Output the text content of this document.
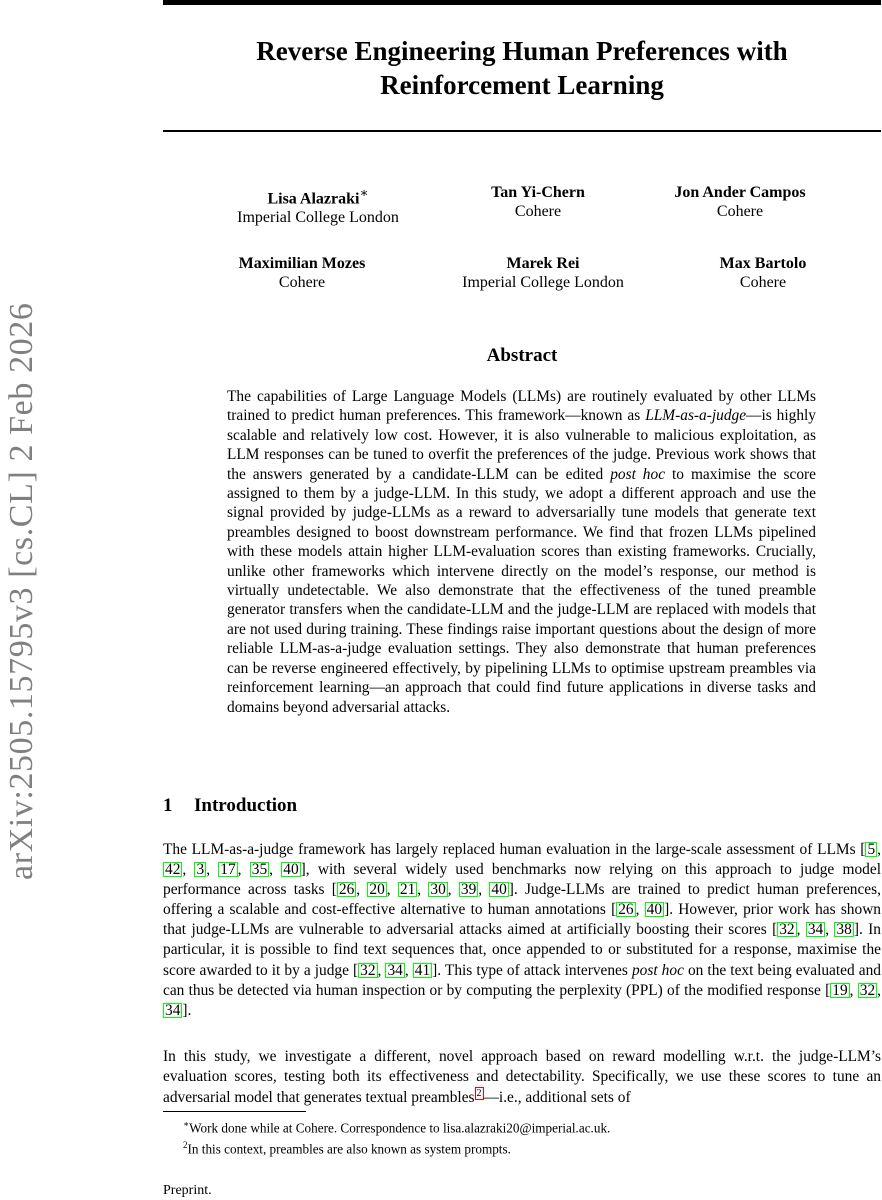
Reverse Engineering Human Preferences with
Reinforcement Learning
arXiv:2505.15795v3 [cs.CL] 2 Feb 2026
Lisa Alazraki∗
Imperial College London
Tan Yi-Chern
Cohere
Jon Ander Campos
Cohere
Maximilian Mozes
Cohere
Marek Rei
Imperial College London
Max Bartolo
Cohere
Abstract

The capabilities of Large Language Models (LLMs) are routinely evaluated by other LLMs trained to predict human preferences. This framework—known as LLM-as-a-judge—is highly scalable and relatively low cost. However, it is also vulnerable to malicious exploitation, as LLM responses can be tuned to overfit the preferences of the judge. Previous work shows that the answers generated by a candidate-LLM can be edited post hoc to maximise the score assigned to them by a judge-LLM. In this study, we adopt a different approach and use the signal provided by judge-LLMs as a reward to adversarially tune models that generate text preambles designed to boost downstream performance. We find that frozen LLMs pipelined with these models attain higher LLM-evaluation scores than existing frameworks. Crucially, unlike other frameworks which intervene directly on the model’s response, our method is virtually undetectable. We also demonstrate that the effectiveness of the tuned preamble generator transfers when the candidate-LLM and the judge-LLM are replaced with models that are not used during training. These findings raise important questions about the design of more reliable LLM-as-a-judge evaluation settings. They also demonstrate that human preferences can be reverse engineered effectively, by pipelining LLMs to optimise upstream preambles via reinforcement learning—an approach that could find future applications in diverse tasks and domains beyond adversarial attacks.

1 Introduction

The LLM-as-a-judge framework has largely replaced human evaluation in the large-scale assessment of LLMs [ 5 , 42 , 3 , 17 , 35 , 40 ], with several widely used benchmarks now relying on this approach to judge model performance across tasks [ 26 , 20 , 21 , 30 , 39 , 40 ]. Judge-LLMs are trained to predict human preferences, offering a scalable and cost-effective alternative to human annotations [ 26 , 40 ]. However, prior work has shown that judge-LLMs are vulnerable to adversarial attacks aimed at artificially boosting their scores [ 32 , 34 , 38 ]. In particular, it is possible to find text sequences that, once appended to or substituted for a response, maximise the score awarded to it by a judge [ 32 , 34 , 41 ]. This type of attack intervenes post hoc on the text being evaluated and can thus be detected via human inspection or by computing the perplexity (PPL) of the modified response [ 19 , 32 , 34 ].

In this study, we investigate a different, novel approach based on reward modelling w.r.t. the judge-LLM’s evaluation scores, testing both its effectiveness and detectability. Specifically, we use these scores to tune an adversarial model that generates textual preambles 2 —i.e., additional sets of

∗Work done while at Cohere. Correspondence to lisa.alazraki20@imperial.ac.uk.
$^2$In this context, preambles are also known as system prompts.
Preprint.
